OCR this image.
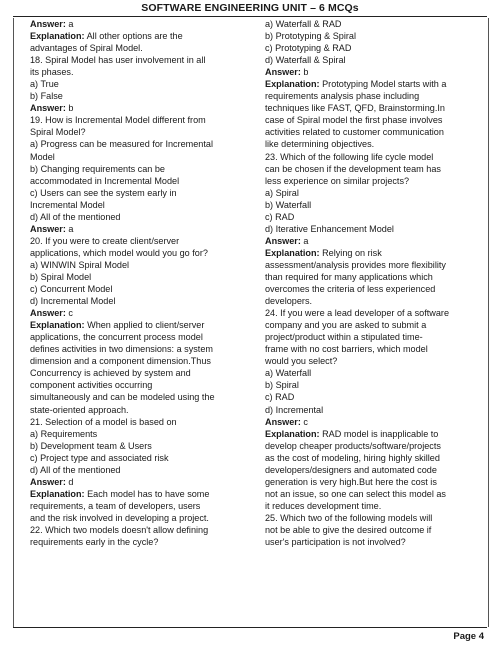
SOFTWARE ENGINEERING UNIT – 6 MCQs
Answer: a
Explanation: All other options are the
advantages of Spiral Model.
18. Spiral Model has user involvement in all
its phases.
a) True
b) False
Answer: b
19. How is Incremental Model different from
Spiral Model?
a) Progress can be measured for Incremental
Model
b) Changing requirements can be
accommodated in Incremental Model
c) Users can see the system early in
Incremental Model
d) All of the mentioned
Answer: a
20. If you were to create client/server
applications, which model would you go for?
a) WINWIN Spiral Model
b) Spiral Model
c) Concurrent Model
d) Incremental Model
Answer: c
Explanation: When applied to client/server
applications, the concurrent process model
defines activities in two dimensions: a system
dimension and a component dimension.Thus
Concurrency is achieved by system and
component activities occurring
simultaneously and can be modeled using the
state-oriented approach.
21. Selection of a model is based on
a) Requirements
b) Development team & Users
c) Project type and associated risk
d) All of the mentioned
Answer: d
Explanation: Each model has to have some
requirements, a team of developers, users
and the risk involved in developing a project.
22. Which two models doesn't allow defining
requirements early in the cycle?
a) Waterfall & RAD
b) Prototyping & Spiral
c) Prototyping & RAD
d) Waterfall & Spiral
Answer: b
Explanation: Prototyping Model starts with a
requirements analysis phase including
techniques like FAST, QFD, Brainstorming.In
case of Spiral model the first phase involves
activities related to customer communication
like determining objectives.
23. Which of the following life cycle model
can be chosen if the development team has
less experience on similar projects?
a) Spiral
b) Waterfall
c) RAD
d) Iterative Enhancement Model
Answer: a
Explanation: Relying on risk
assessment/analysis provides more flexibility
than required for many applications which
overcomes the criteria of less experienced
developers.
24. If you were a lead developer of a software
company and you are asked to submit a
project/product within a stipulated time-
frame with no cost barriers, which model
would you select?
a) Waterfall
b) Spiral
c) RAD
d) Incremental
Answer: c
Explanation: RAD model is inapplicable to
develop cheaper products/software/projects
as the cost of modeling, hiring highly skilled
developers/designers and automated code
generation is very high.But here the cost is
not an issue, so one can select this model as
it reduces development time.
25. Which two of the following models will
not be able to give the desired outcome if
user's participation is not involved?
Page 4
